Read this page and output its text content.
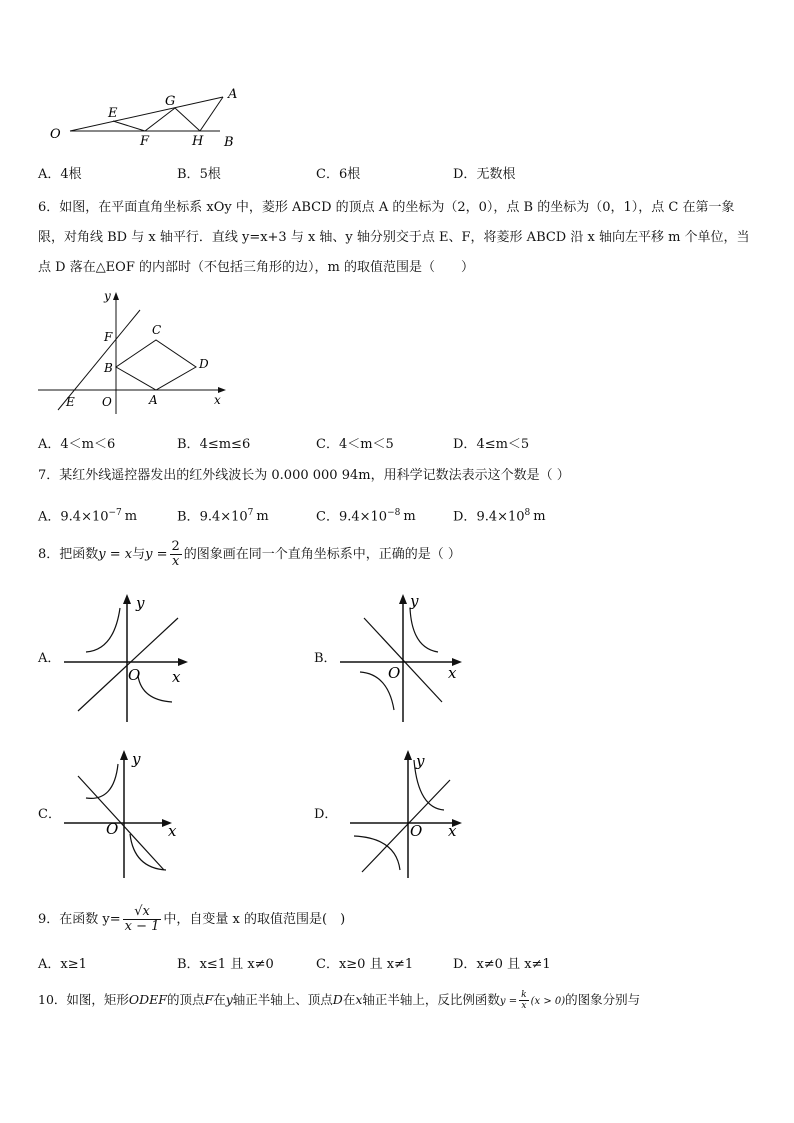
O
E
F
G
H
A
B
A．4根	B．5根	C．6根	D．无数根
6．如图，在平面直角坐标系 xOy 中，菱形 ABCD 的顶点 A 的坐标为（2，0），点 B 的坐标为（0，1），点 C 在第一象
限，对角线 BD 与 x 轴平行．直线 y=x+3 与 x 轴、y 轴分别交于点 E、F，将菱形 ABCD 沿 x 轴向左平移 m 个单位，当
点 D 落在△EOF 的内部时（不包括三角形的边），m 的取值范围是（　　）
y
x
F	C
B	D
E O	A
A．4＜m＜6	B．4≤m≤6	C．4＜m＜5	D．4≤m＜5
7．某红外线遥控器发出的红外线波长为 0.000 000 94m，用科学记数法表示这个数是（ ）
A．$9.4\times 10^{-7}$ m	B．$9.4\times 10^7$ m	C．$9.4\times 10^{-8}$ m	D．$9.4\times 10^8$ m
8．把函数y = x与$y = \frac{2}{x}$ 的图象画在同一个直角坐标系中，正确的是（ ）
A．	B．
C．	D．
y
x
O
y
x
O
y
x
O
y
x
O
9．在函数 $y= \frac{√x}{x - 1}$ 中，自变量 x 的取值范围是(　)
A．x≥1	B．x≤1 且 x≠0	C．x≥0 且 x≠1	D．x≠0 且 x≠1
10．如图，矩形ODEF的顶点F在y轴正半轴上、顶点D在x轴正半轴上，反比例函数$y = \frac{k}{x} (x > 0)$的图象分别与
